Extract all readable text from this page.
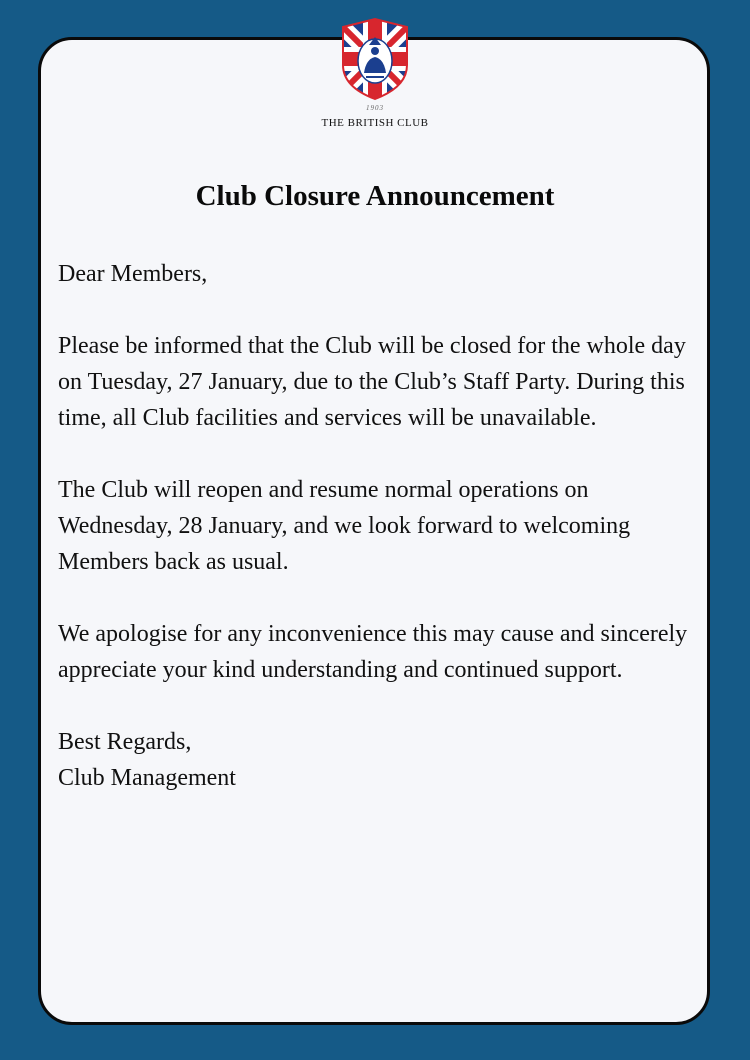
1903
THE BRITISH CLUB
Club Closure Announcement

Dear Members,

Please be informed that the Club will be closed for the whole day on Tuesday, 27 January, due to the Club’s Staff Party. During this time, all Club facilities and services will be unavailable.

The Club will reopen and resume normal operations on Wednesday, 28 January, and we look forward to welcoming Members back as usual.

We apologise for any inconvenience this may cause and sincerely appreciate your kind understanding and continued support.

Best Regards,

Club Management
